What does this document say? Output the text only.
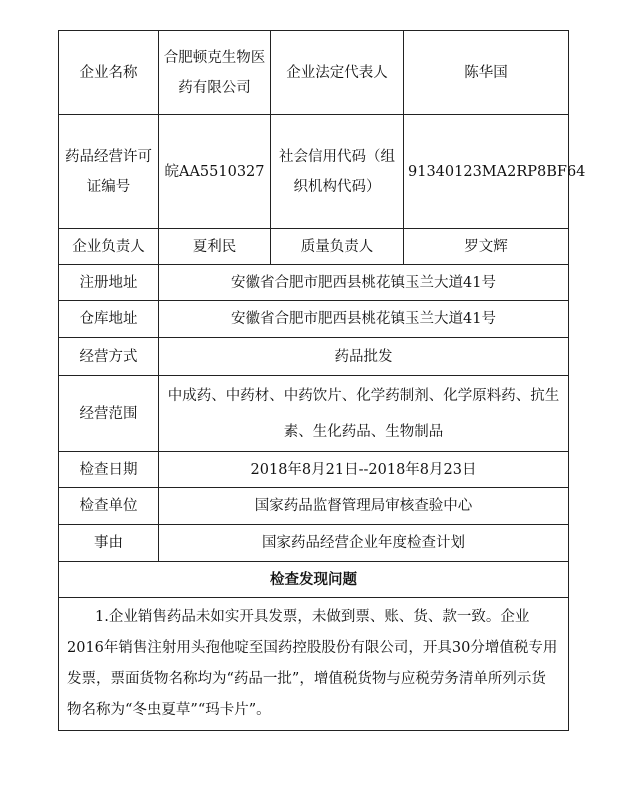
企业名称	合肥顿克生物医药有限公司	企业法定代表人	陈华国
药品经营许可证编号	皖AA5510327	社会信用代码（组织机构代码）	91340123MA2RP8BF64
企业负责人	夏利民	质量负责人	罗文辉
注册地址	安徽省合肥市肥西县桃花镇玉兰大道41号		
仓库地址	安徽省合肥市肥西县桃花镇玉兰大道41号		
经营方式	药品批发		
经营范围	中成药、中药材、中药饮片、化学药制剂、化学原料药、抗生素、生化药品、生物制品		
检查日期	2018年8月21日--2018年8月23日		
检查单位	国家药品监督管理局审核查验中心		
事由	国家药品经营企业年度检查计划		
检查发现问题			

1.企业销售药品未如实开具发票，未做到票、账、货、款一致。企业2016年销售注射用头孢他啶至国药控股股份有限公司，开具30分增值税专用发票，票面货物名称均为“药品一批”，增值税货物与应税劳务清单所列示货物名称为“冬虫夏草”“玛卡片”。			
